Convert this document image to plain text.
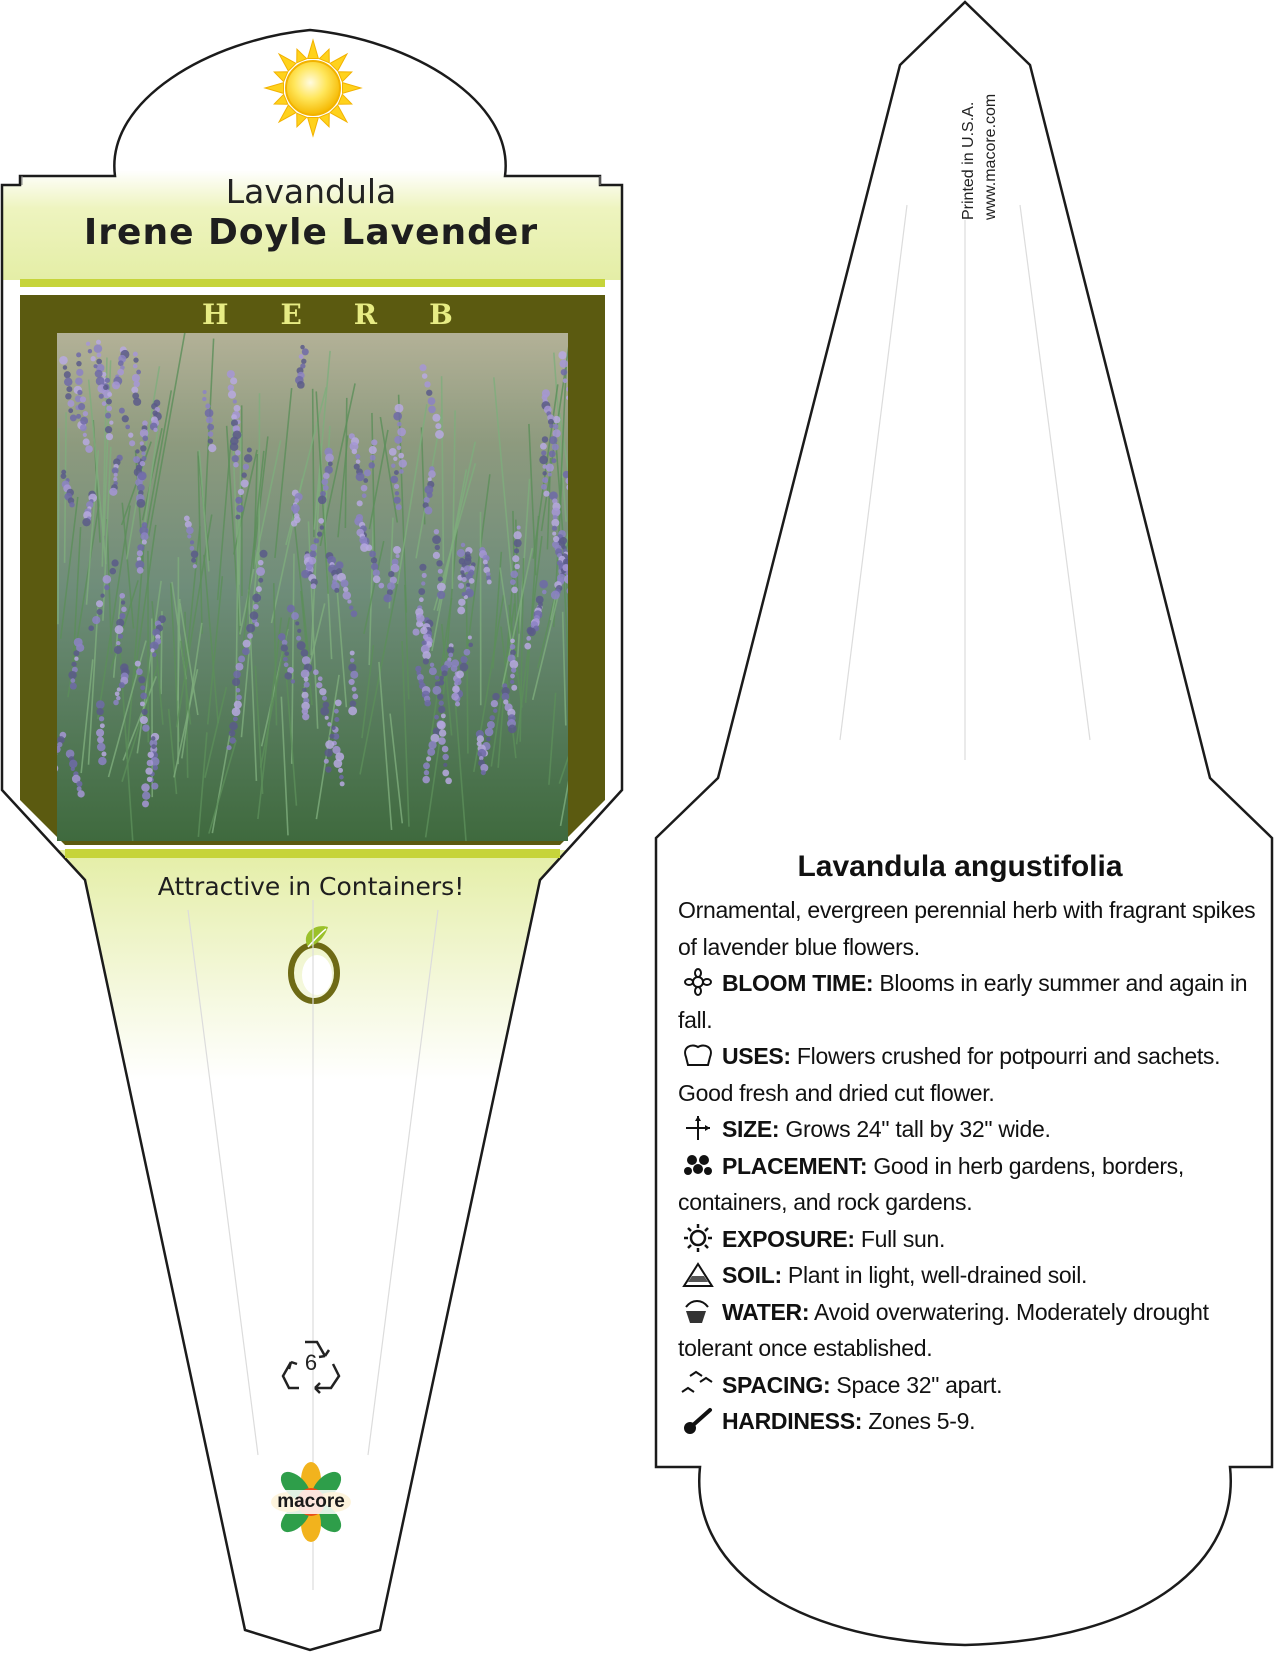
Lavandula
Irene Doyle Lavender
HERB
Attractive in Containers!
6
macore
Printed in U.S.A. www.macore.com
Lavandula angustifolia

Ornamental, evergreen perennial herb with fragrant spikes of lavender blue flowers.

BLOOM TIME: Blooms in early summer and again in fall.

USES: Flowers crushed for potpourri and sachets. Good fresh and dried cut flower.

SIZE: Grows 24" tall by 32" wide.

PLACEMENT: Good in herb gardens, borders, containers, and rock gardens.

EXPOSURE: Full sun.

SOIL: Plant in light, well-drained soil.

WATER: Avoid overwatering. Moderately drought tolerant once established.

SPACING: Space 32" apart.

HARDINESS: Zones 5-9.
